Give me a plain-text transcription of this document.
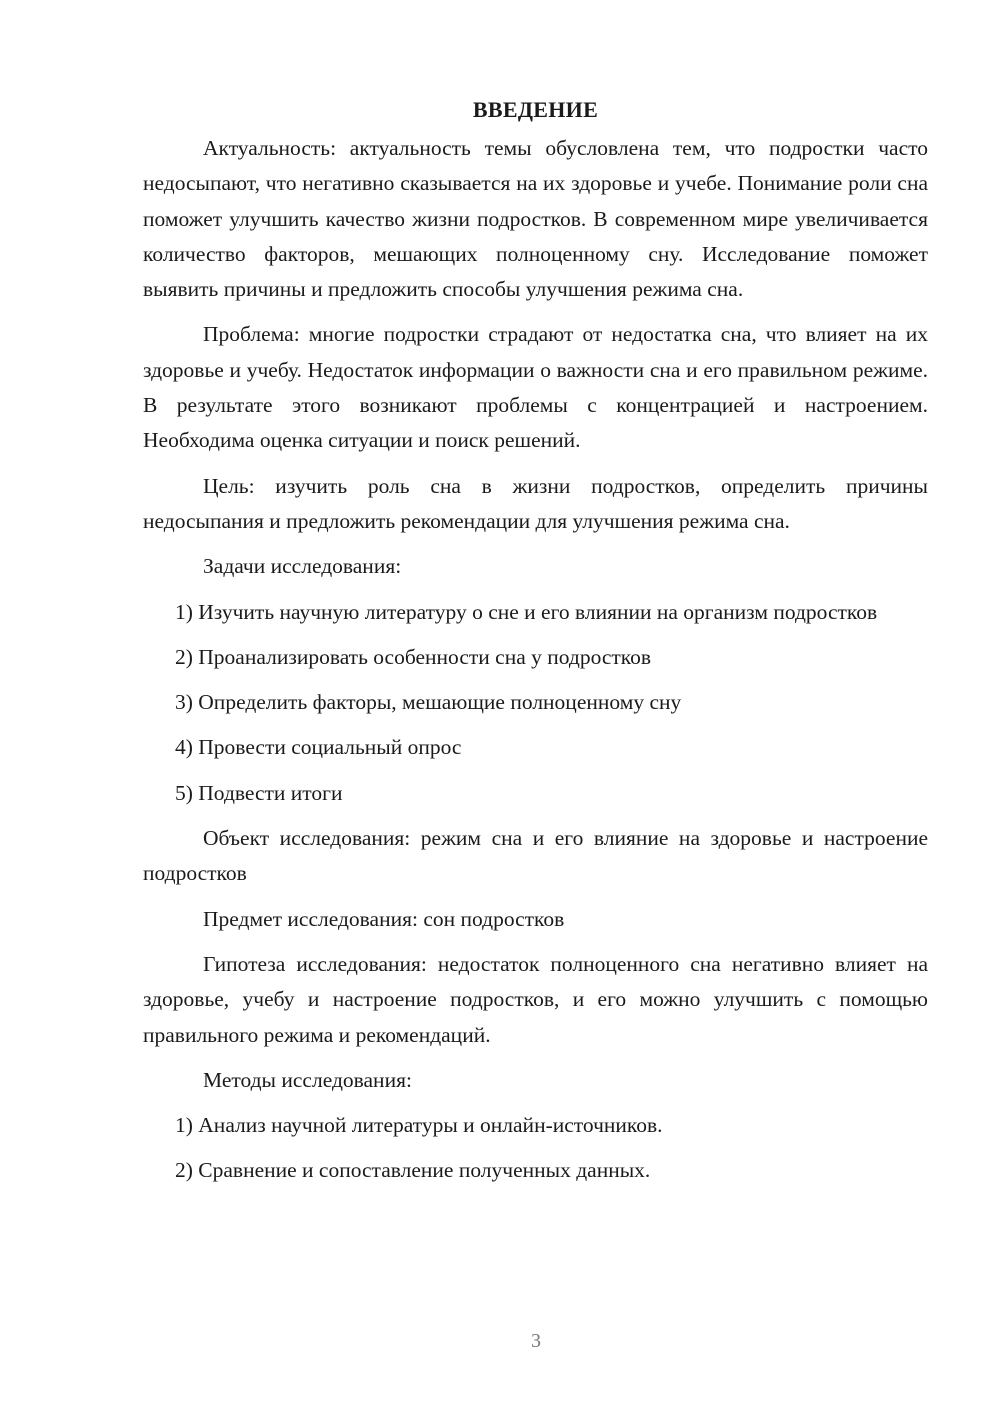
ВВЕДЕНИЕ

Актуальность: актуальность темы обусловлена тем, что подростки часто недосыпают, что негативно сказывается на их здоровье и учебе. Понимание роли сна поможет улучшить качество жизни подростков. В современном мире увеличивается количество факторов, мешающих полноценному сну. Исследование поможет выявить причины и предложить способы улучшения режима сна.

Проблема: многие подростки страдают от недостатка сна, что влияет на их здоровье и учебу. Недостаток информации о важности сна и его правильном режиме. В результате этого возникают проблемы с концентрацией и настроением. Необходима оценка ситуации и поиск решений.

Цель: изучить роль сна в жизни подростков, определить причины недосыпания и предложить рекомендации для улучшения режима сна.

Задачи исследования:

1) Изучить научную литературу о сне и его влиянии на организм подростков

2) Проанализировать особенности сна у подростков

3) Определить факторы, мешающие полноценному сну

4) Провести социальный опрос

5) Подвести итоги

Объект исследования: режим сна и его влияние на здоровье и настроение подростков

Предмет исследования: сон подростков

Гипотеза исследования: недостаток полноценного сна негативно влияет на здоровье, учебу и настроение подростков, и его можно улучшить с помощью правильного режима и рекомендаций.

Методы исследования:

1) Анализ научной литературы и онлайн-источников.

2) Сравнение и сопоставление полученных данных.

3
